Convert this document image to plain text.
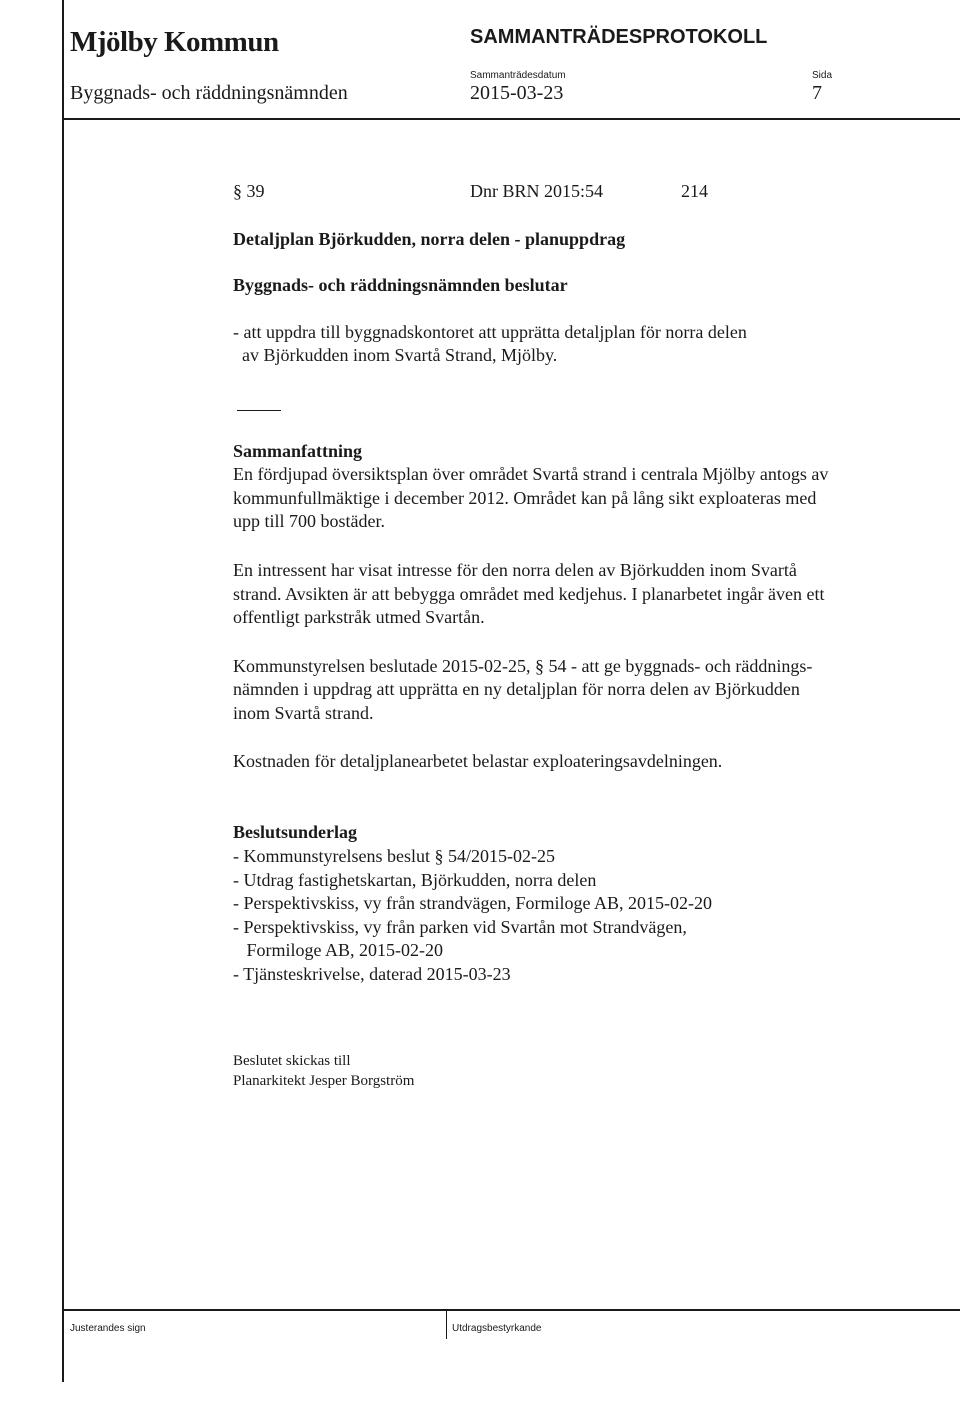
Mjölby Kommun	SAMMANTRÄDESPROTOKOLL
Sammanträdesdatum	Sida
Byggnads- och räddningsnämnden	2015-03-23	7
§ 39	Dnr BRN 2015:54	214
Detaljplan Björkudden, norra delen - planuppdrag
Byggnads- och räddningsnämnden beslutar
- att uppdra till byggnadskontoret att upprätta detaljplan för norra delen
av Björkudden inom Svartå Strand, Mjölby.
Sammanfattning
En fördjupad översiktsplan över området Svartå strand i centrala Mjölby antogs av
kommunfullmäktige i december 2012. Området kan på lång sikt exploateras med
upp till 700 bostäder.
En intressent har visat intresse för den norra delen av Björkudden inom Svartå
strand. Avsikten är att bebygga området med kedjehus. I planarbetet ingår även ett
offentligt parkstråk utmed Svartån.
Kommunstyrelsen beslutade 2015-02-25, § 54 - att ge byggnads- och räddnings-
nämnden i uppdrag att upprätta en ny detaljplan för norra delen av Björkudden
inom Svartå strand.
Kostnaden för detaljplanearbetet belastar exploateringsavdelningen.
Beslutsunderlag
- Kommunstyrelsens beslut § 54/2015-02-25
- Utdrag fastighetskartan, Björkudden, norra delen
- Perspektivskiss, vy från strandvägen, Formiloge AB, 2015-02-20
- Perspektivskiss, vy från parken vid Svartån mot Strandvägen,
Formiloge AB, 2015-02-20
- Tjänsteskrivelse, daterad 2015-03-23
Beslutet skickas till
Planarkitekt Jesper Borgström
Justerandes sign	Utdragsbestyrkande
